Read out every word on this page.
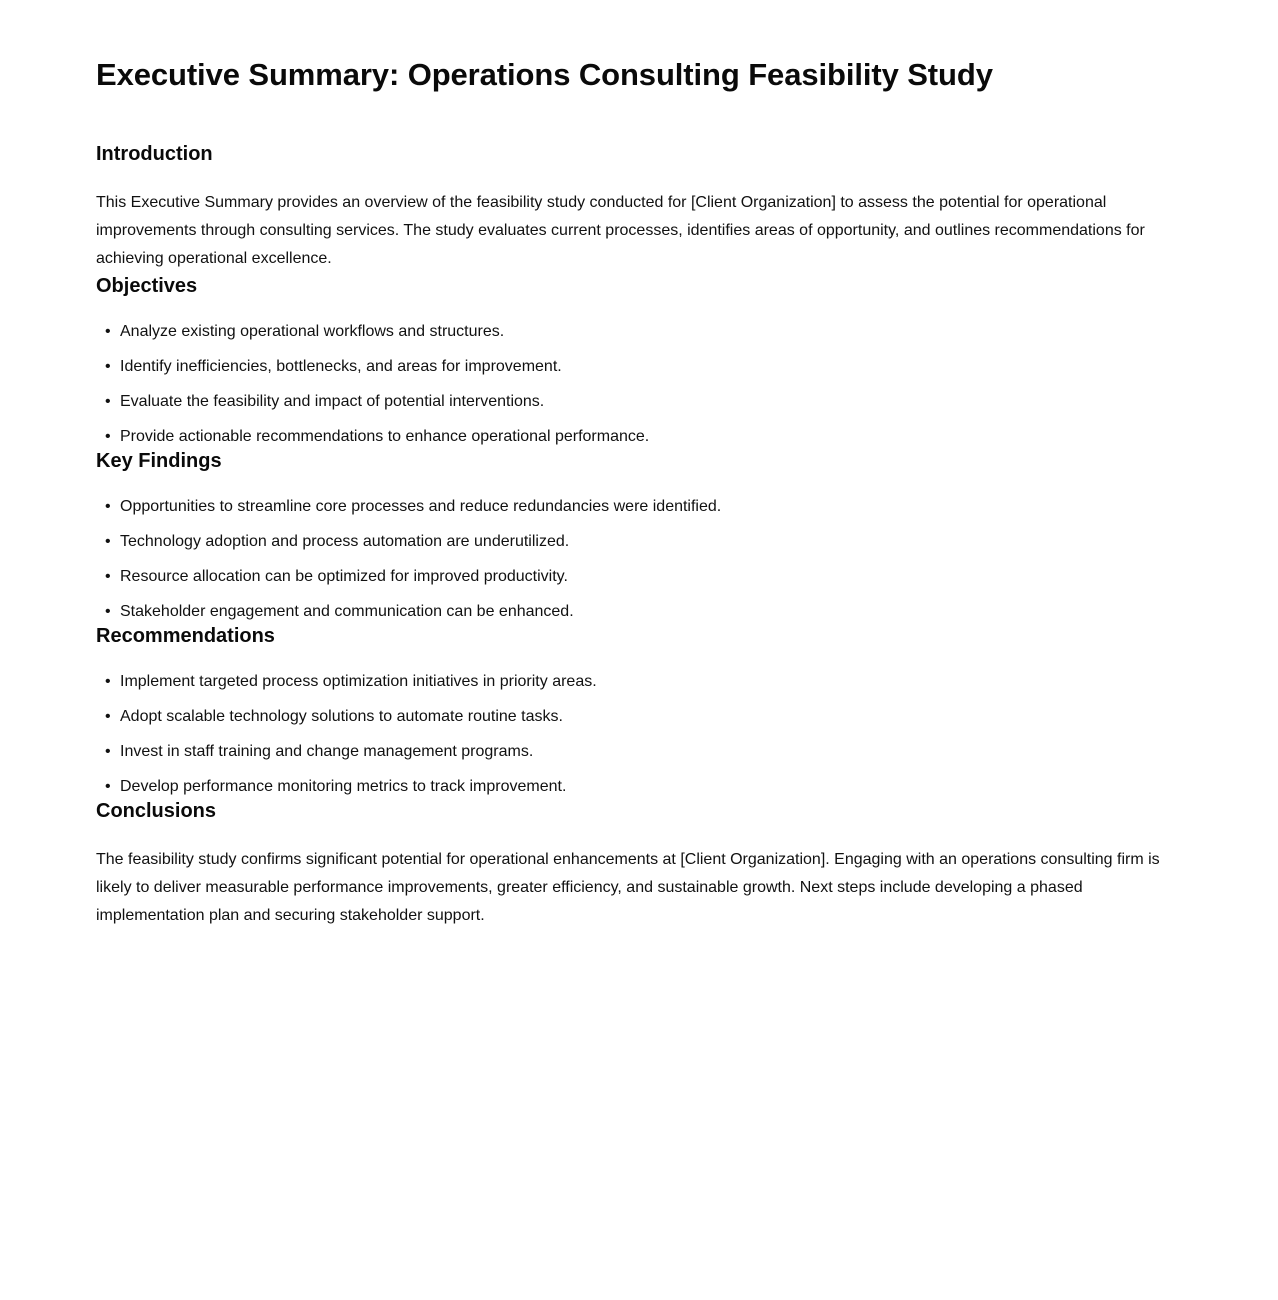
Executive Summary: Operations Consulting Feasibility Study
Introduction

This Executive Summary provides an overview of the feasibility study conducted for [Client Organization] to assess the potential for operational improvements through consulting services. The study evaluates current processes, identifies areas of opportunity, and outlines recommendations for achieving operational excellence.

Objectives
• Analyze existing operational workflows and structures.
• Identify inefficiencies, bottlenecks, and areas for improvement.
• Evaluate the feasibility and impact of potential interventions.
• Provide actionable recommendations to enhance operational performance.
Key Findings
• Opportunities to streamline core processes and reduce redundancies were identified.
• Technology adoption and process automation are underutilized.
• Resource allocation can be optimized for improved productivity.
• Stakeholder engagement and communication can be enhanced.
Recommendations
• Implement targeted process optimization initiatives in priority areas.
• Adopt scalable technology solutions to automate routine tasks.
• Invest in staff training and change management programs.
• Develop performance monitoring metrics to track improvement.
Conclusions

The feasibility study confirms significant potential for operational enhancements at [Client Organization]. Engaging with an operations consulting firm is likely to deliver measurable performance improvements, greater efficiency, and sustainable growth. Next steps include developing a phased implementation plan and securing stakeholder support.
